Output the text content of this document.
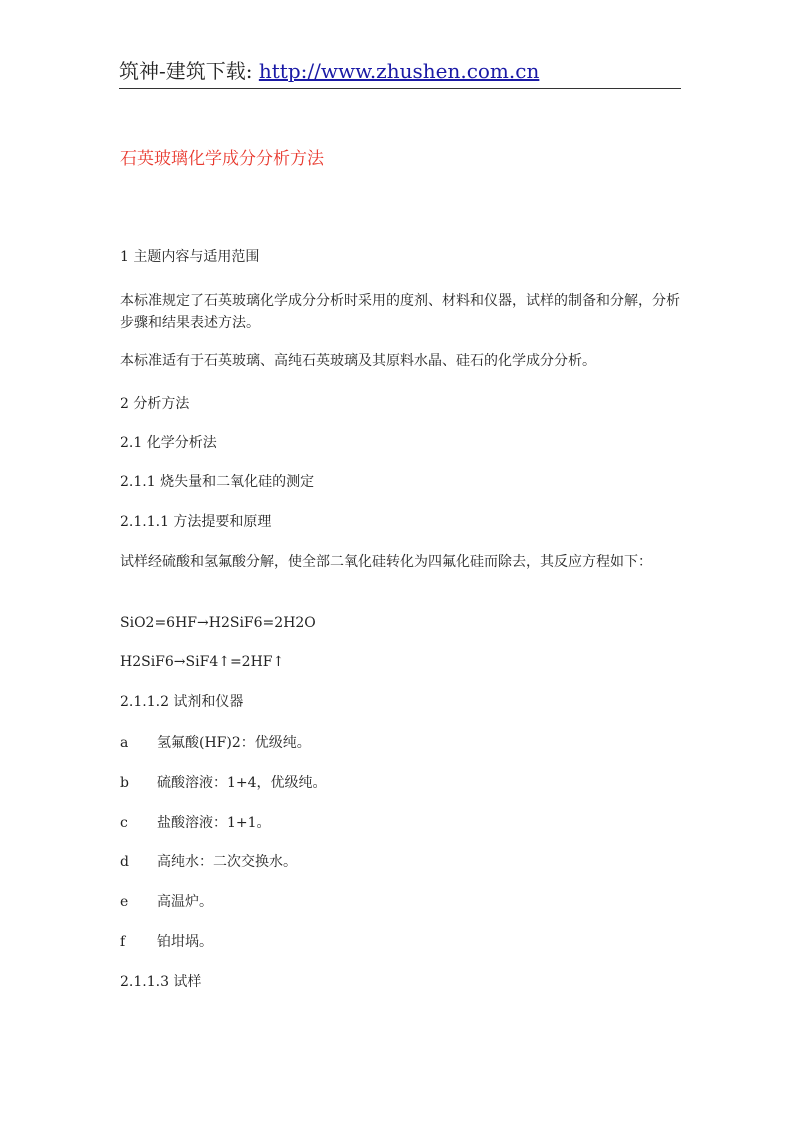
筑神-建筑下载: http://www.zhushen.com.cn
石英玻璃化学成分分析方法
1 主题内容与适用范围
本标准规定了石英玻璃化学成分分析时采用的度剂、材料和仪器，试样的制备和分解，分析步骤和结果表述方法。
本标准适有于石英玻璃、高纯石英玻璃及其原料水晶、硅石的化学成分分析。
2 分析方法
2.1 化学分析法
2.1.1 烧失量和二氧化硅的测定
2.1.1.1 方法提要和原理
试样经硫酸和氢氟酸分解，使全部二氧化硅转化为四氟化硅而除去，其反应方程如下：
SiO2=6HF→H2SiF6=2H2O
H2SiF6→SiF4↑=2HF↑
2.1.1.2 试剂和仪器
a 氢氟酸(HF)2：优级纯。
b 硫酸溶液：1+4，优级纯。
c 盐酸溶液：1+1。
d 高纯水：二次交换水。
e 高温炉。
f 铂坩埚。
2.1.1.3 试样
